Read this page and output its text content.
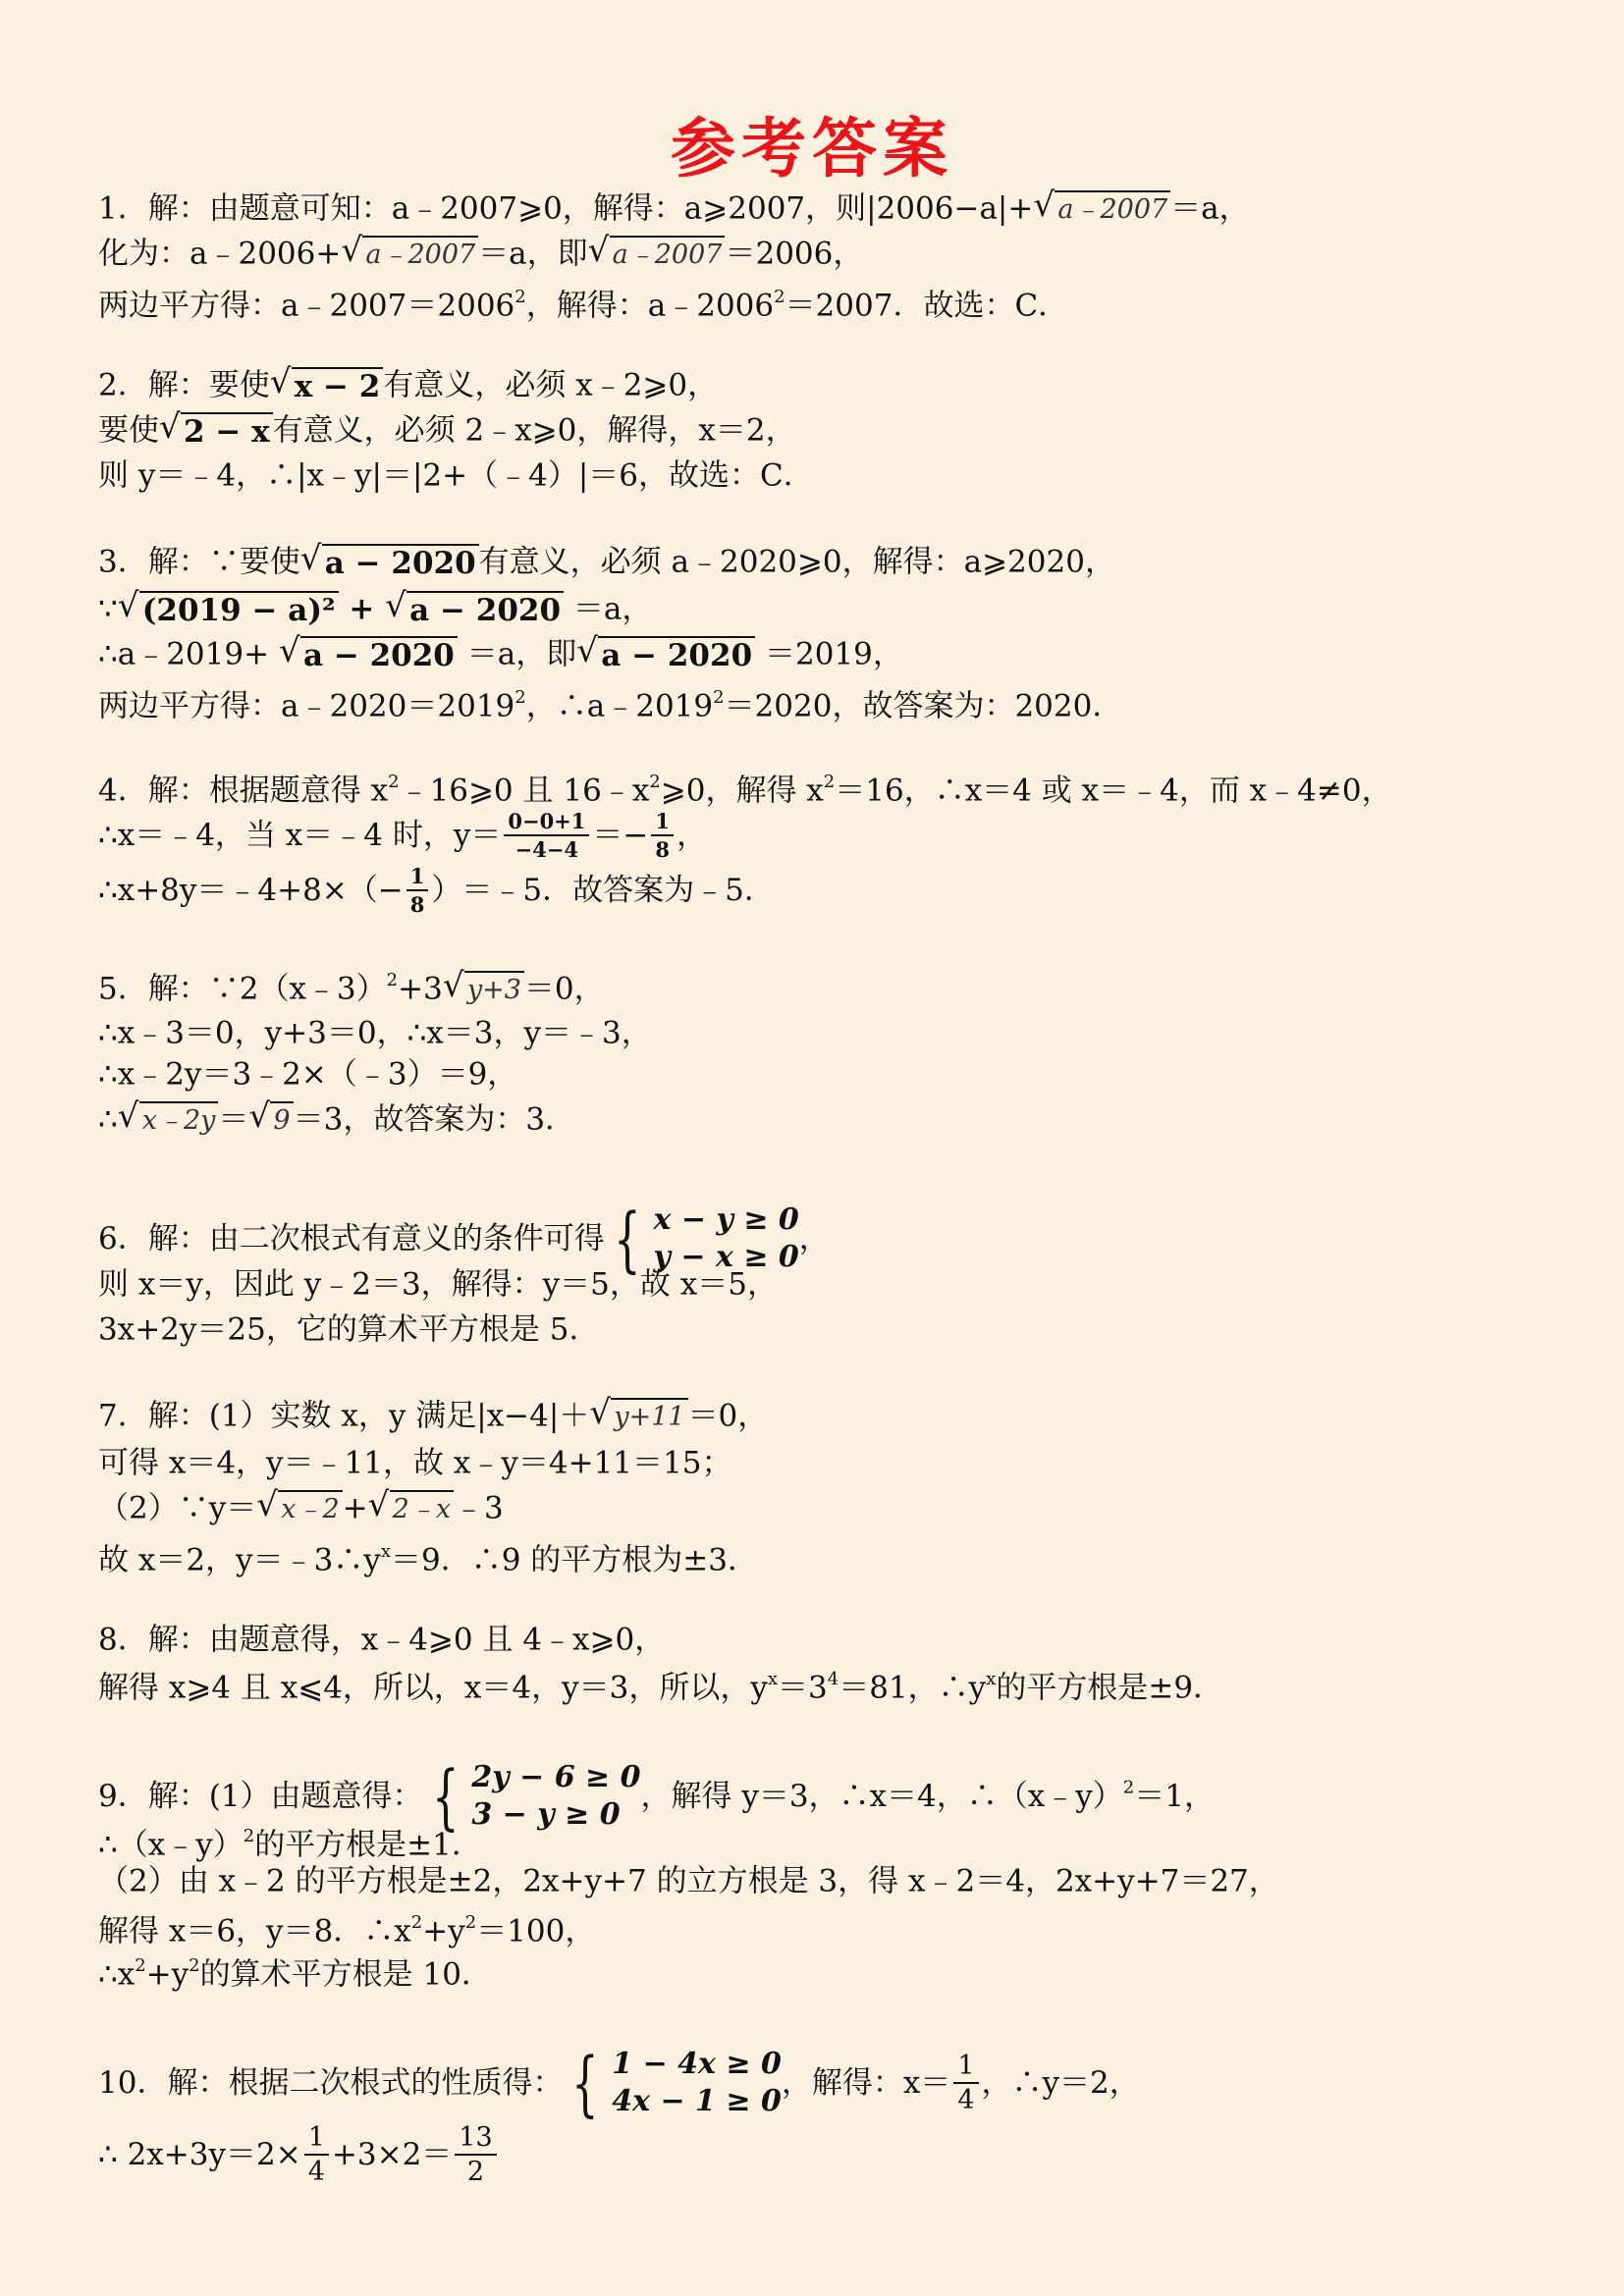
参考答案
1．解：由题意可知：a﹣2007⩾0，解得：a⩾2007，则|2006−a|+ √ a﹣2007＝a，
化为：a﹣2006+ √ a﹣2007＝a，即 √ a﹣2007＝2006，
两边平方得：$a﹣2007=2006^2$，解得：$a﹣2006^2=2007$．故选：C．
2．解：要使 √ x − 2有意义，必须 x﹣2⩾0，
要使 √ 2 − x有意义，必须 2﹣x⩾0，解得，x＝2，
则 y＝﹣4，∴|x﹣y|＝|2+（﹣4）|＝6，故选：C．
3．解：∵要使 √ a − 2020有意义，必须 a﹣2020⩾0，解得：a⩾2020，
∵ √ (2019 − a)² + √ a − 2020 ＝a，
∴a﹣2019+ √ a − 2020 ＝a，即 √ a − 2020 ＝2019，
两边平方得：$a﹣2020=2019^2$，$\therefore a﹣2019^2=2020$，故答案为：2020．
4．解：根据题意得 $x^2﹣16⩾0$ 且 $16﹣x^2⩾0$，解得 $x^2=16$，∴x＝4 或 x＝﹣4，而 x﹣4≠0，
∴x＝﹣4，当 x＝﹣4 时，$y= \frac{0-0+1}{-4-4} =- \frac{1}{8}$ ，
∴x+8y＝﹣4+8×（− $\frac{1}{8}$ ）＝﹣5．故答案为﹣5．
5．解：∵2（x﹣3）$^2$+3 √ y+3＝0，
∴x﹣3＝0，y+3＝0，∴x＝3，y＝﹣3，
∴x﹣2y＝3﹣2×（﹣3）＝9，
∴ √ x﹣2y＝ √ 9＝3，故答案为：3．
6．解：由二次根式有意义的条件可得 { x − y ≥ 0
y − x ≥ 0
，
则 x＝y，因此 y﹣2＝3，解得：y＝5，故 x＝5，
3x+2y＝25，它的算术平方根是 5．
7．解：(1）实数 x，y 满足|x−4|＋ √ y+11＝0，
可得 x＝4，y＝﹣11，故 x﹣y＝4+11＝15；
（2）∵y＝ √ x﹣2+ √ 2﹣x﹣3
故 x＝2，$y=﹣3\therefore y^x=9$．∴9 的平方根为±3．
8．解：由题意得，x﹣4⩾0 且 4﹣x⩾0，
解得 x⩾4 且 x⩽4，所以，x＝4，y＝3，所以，$y^x=3^4=81$，$\therefore y^x$的平方根是±9．
9．解：(1）由题意得： { 2y − 6 ≥ 0
3 − y ≥ 0
，解得 y＝3，∴x＝4，∴（x﹣y）$^2$＝1，
∴（x﹣y）$^2$的平方根是±1．
（2）由 x﹣2 的平方根是±2，2x+y+7 的立方根是 3，得 x﹣2＝4，2x+y+7＝27，
解得 x＝6，y＝8．$\therefore x^2+y^2=100$，
$\therefore x^2+y^2$的算术平方根是 10．
10．解：根据二次根式的性质得： { 1 − 4x ≥ 0
4x − 1 ≥ 0
，解得：$x= \frac{1}{4}$ ，∴y＝2，
∴ $2x+3y=2\times \frac{1}{4} +3\times 2= \frac{13}{2}$
